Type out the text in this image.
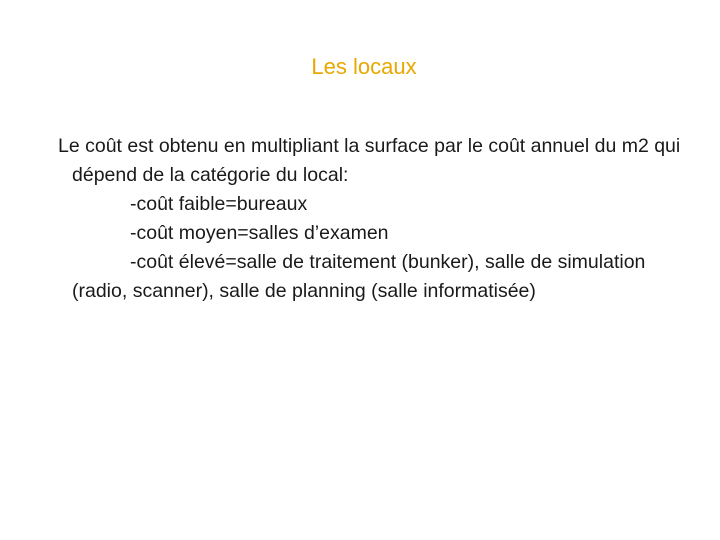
Les locaux

Le coût est obtenu en multipliant la surface par le coût annuel du m2 qui dépend de la catégorie du local:

-coût faible=bureaux

-coût moyen=salles d’examen

-coût élevé=salle de traitement (bunker), salle de simulation (radio, scanner), salle de planning (salle informatisée)
